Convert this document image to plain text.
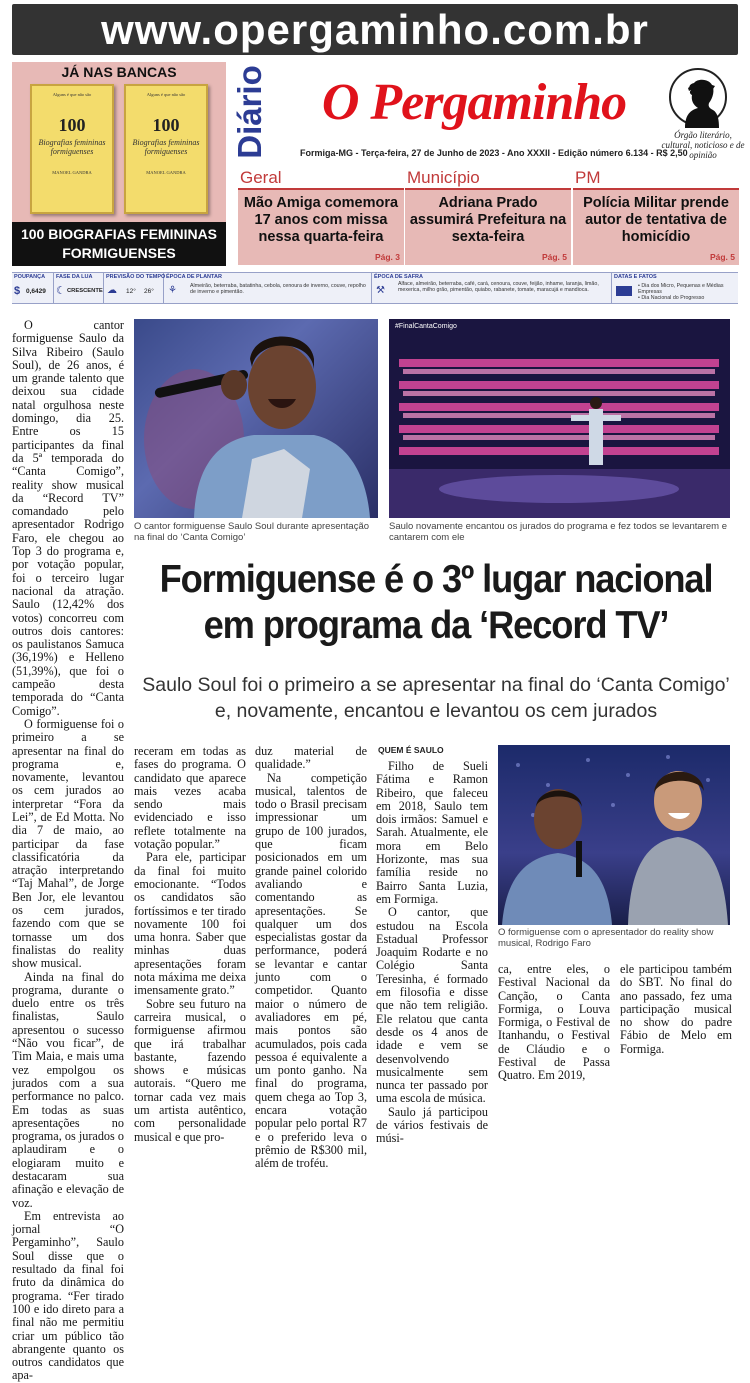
www.opergaminho.com.br
JÁ NAS BANCAS
Alguns é que não são
100
Biografias femininas formiguenses
MANOEL GANDRA
Alguns é que não são
100
Biografias femininas formiguenses
MANOEL GANDRA
100 BIOGRAFIAS FEMININAS FORMIGUENSES
Diário O Pergaminho
Órgão literário, cultural, noticioso e de opinião
Formiga-MG - Terça-feira, 27 de Junho de 2023 - Ano XXXII - Edição número 6.134 - R$ 2,50
Geral
Mão Amiga comemora 17 anos com missa nessa quarta-feira
Pág. 3
Município
Adriana Prado assumirá Prefeitura na sexta-feira
Pág. 5
PM
Polícia Militar prende autor de tentativa de homicídio
Pág. 5
POUPANÇA
$ 0,6429
FASE DA LUA
☾ CRESCENTE
PREVISÃO DO TEMPO
☁ 12° 26°
ÉPOCA DE PLANTAR
⚘ Almeirão, beterraba, batatinha, cebola, cenoura de inverno, couve, repolho de inverno e pimentão.
ÉPOCA DE SAFRA
⚒
Alface, almeirão, beterraba, café, cará, cenoura, couve, feijão, inhame, laranja, limão, mexerica, milho grão, pimentão, quiabo, rabanete, tomate, maracujá e mandioca.
DATAS E FATOS
• Dia dos Micro, Pequenas e Médias Empresas
• Dia Nacional do Progresso
#FinalCantaComigo
O cantor formiguense Saulo Soul durante apresentação na final do ‘Canta Comigo’
Saulo novamente encantou os jurados do programa e fez todos se levantarem e cantarem com ele
Formiguense é o 3º lugar nacional
em programa da ‘Record TV’
Saulo Soul foi o primeiro a se apresentar na final do ‘Canta Comigo’ e, novamente, encantou e levantou os cem jurados

O cantor formiguense Saulo da Silva Ribeiro (Saulo Soul), de 26 anos, é um grande talento que deixou sua cidade natal orgulhosa neste domingo, dia 25. Entre os 15 participantes da final da 5ª temporada do “Canta Comigo”, reality show musical da “Record TV” comandado pelo apresentador Rodrigo Faro, ele chegou ao Top 3 do programa e, por votação popular, foi o terceiro lugar nacional da atração. Saulo (12,42% dos votos) concorreu com outros dois cantores: os paulistanos Samuca (36,19%) e Helleno (51,39%), que foi o campeão desta temporada do “Canta Comigo”.

O formiguense foi o primeiro a se apresentar na final do programa e, novamente, levantou os cem jurados ao interpretar “Fora da Lei”, de Ed Motta. No dia 7 de maio, ao participar da fase classificatória da atração interpretando “Taj Mahal”, de Jorge Ben Jor, ele levantou os cem jurados, fazendo com que se tornasse um dos finalistas do reality show musical.

Ainda na final do programa, durante o duelo entre os três finalistas, Saulo apresentou o sucesso “Não vou ficar”, de Tim Maia, e mais uma vez empolgou os jurados com a sua performance no palco. Em todas as suas apresentações no programa, os jurados o aplaudiram e o elogiaram muito e destacaram sua afinação e elevação de voz.

Em entrevista ao jornal “O Pergaminho”, Saulo Soul disse que o resultado da final foi fruto da dinâmica do programa. “Fer tirado 100 e ido direto para a final não me permitiu criar um público tão abrangente quanto os outros candidatos que apa-

receram em todas as fases do programa. O candidato que aparece mais vezes acaba sendo mais evidenciado e isso reflete totalmente na votação popular.”

Para ele, participar da final foi muito emocionante. “Todos os candidatos são fortíssimos e ter tirado novamente 100 foi uma honra. Saber que minhas duas apresentações foram nota máxima me deixa imensamente grato.”

Sobre seu futuro na carreira musical, o formiguense afirmou que irá trabalhar bastante, fazendo shows e músicas autorais. “Quero me tornar cada vez mais um artista autêntico, com personalidade musical e que pro-

duz material de qualidade.”

Na competição musical, talentos de todo o Brasil precisam impressionar um grupo de 100 jurados, que ficam posicionados em um grande painel colorido avaliando e comentando as apresentações. Se qualquer um dos especialistas gostar da performance, poderá se levantar e cantar junto com o competidor. Quanto maior o número de avaliadores em pé, mais pontos são acumulados, pois cada pessoa é equivalente a um ponto ganho. Na final do programa, quem chega ao Top 3, encara votação popular pelo portal R7 e o preferido leva o prêmio de R$300 mil, além de troféu.

QUEM É SAULO

Filho de Sueli Fátima e Ramon Ribeiro, que faleceu em 2018, Saulo tem dois irmãos: Samuel e Sarah. Atualmente, ele mora em Belo Horizonte, mas sua família reside no Bairro Santa Luzia, em Formiga.

O cantor, que estudou na Escola Estadual Professor Joaquim Rodarte e no Colégio Santa Teresinha, é formado em filosofia e disse que não tem religião. Ele relatou que canta desde os 4 anos de idade e vem se desenvolvendo musicalmente sem nunca ter passado por uma escola de música.

Saulo já participou de vários festivais de músi-

O formiguense com o apresentador do reality show musical, Rodrigo Faro

ca, entre eles, o Festival Nacional da Canção, o Canta Formiga, o Louva Formiga, o Festival de Itanhandu, o Festival de Cláudio e o Festival de Passa Quatro. Em 2019,

ele participou também do SBT. No final do ano passado, fez uma participação musical no show do padre Fábio de Melo em Formiga.
